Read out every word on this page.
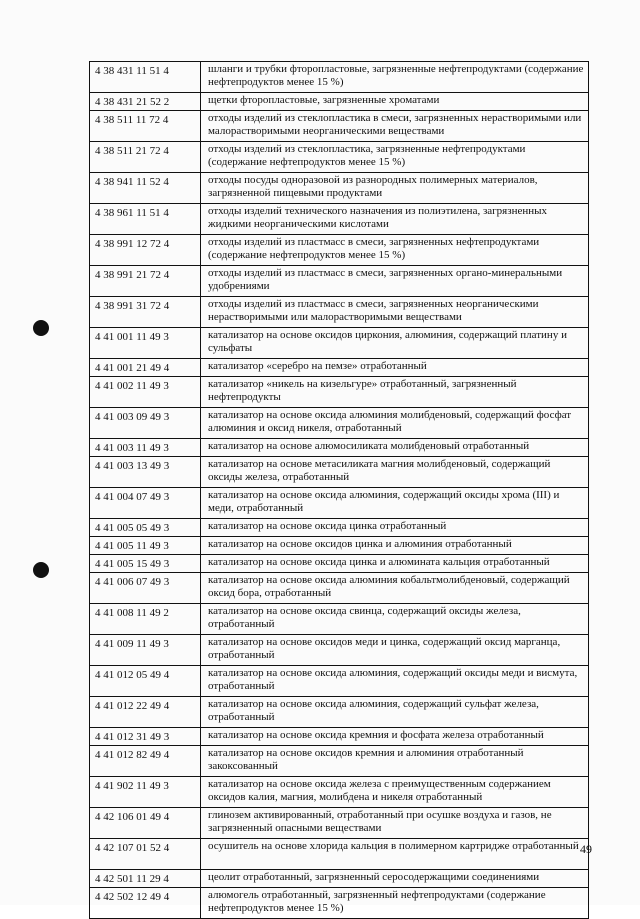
4 38 431 11 51 4	шланги и трубки фторопластовые, загрязненные нефтепродуктами (содержание нефтепродуктов менее 15 %)
4 38 431 21 52 2	щетки фторопластовые, загрязненные хроматами
4 38 511 11 72 4	отходы изделий из стеклопластика в смеси, загрязненных нерастворимыми или малорастворимыми неорганическими веществами
4 38 511 21 72 4	отходы изделий из стеклопластика, загрязненные нефтепродуктами (содержание нефтепродуктов менее 15 %)
4 38 941 11 52 4	отходы посуды одноразовой из разнородных полимерных материалов, загрязненной пищевыми продуктами
4 38 961 11 51 4	отходы изделий технического назначения из полиэтилена, загрязненных жидкими неорганическими кислотами
4 38 991 12 72 4	отходы изделий из пластмасс в смеси, загрязненных нефтепродуктами (содержание нефтепродуктов менее 15 %)
4 38 991 21 72 4	отходы изделий из пластмасс в смеси, загрязненных органо-минеральными удобрениями
4 38 991 31 72 4	отходы изделий из пластмасс в смеси, загрязненных неорганическими нерастворимыми или малорастворимыми веществами
4 41 001 11 49 3	катализатор на основе оксидов циркония, алюминия, содержащий платину и сульфаты
4 41 001 21 49 4	катализатор «серебро на пемзе» отработанный
4 41 002 11 49 3	катализатор «никель на кизельгуре» отработанный, загрязненный нефтепродукты
4 41 003 09 49 3	катализатор на основе оксида алюминия молибденовый, содержащий фосфат алюминия и оксид никеля, отработанный
4 41 003 11 49 3	катализатор на основе алюмосиликата молибденовый отработанный
4 41 003 13 49 3	катализатор на основе метасиликата магния молибденовый, содержащий оксиды железа, отработанный
4 41 004 07 49 3	катализатор на основе оксида алюминия, содержащий оксиды хрома (III) и меди, отработанный
4 41 005 05 49 3	катализатор на основе оксида цинка отработанный
4 41 005 11 49 3	катализатор на основе оксидов цинка и алюминия отработанный
4 41 005 15 49 3	катализатор на основе оксида цинка и алюмината кальция отработанный
4 41 006 07 49 3	катализатор на основе оксида алюминия кобальтмолибденовый, содержащий оксид бора, отработанный
4 41 008 11 49 2	катализатор на основе оксида свинца, содержащий оксиды железа, отработанный
4 41 009 11 49 3	катализатор на основе оксидов меди и цинка, содержащий оксид марганца, отработанный
4 41 012 05 49 4	катализатор на основе оксида алюминия, содержащий оксиды меди и висмута, отработанный
4 41 012 22 49 4	катализатор на основе оксида алюминия, содержащий сульфат железа, отработанный
4 41 012 31 49 3	катализатор на основе оксида кремния и фосфата железа отработанный
4 41 012 82 49 4	катализатор на основе оксидов кремния и алюминия отработанный закоксованный
4 41 902 11 49 3	катализатор на основе оксида железа с преимущественным содержанием оксидов калия, магния, молибдена и никеля отработанный
4 42 106 01 49 4	глинозем активированный, отработанный при осушке воздуха и газов, не загрязненный опасными веществами
4 42 107 01 52 4	осушитель на основе хлорида кальция в полимерном картридже отработанный
4 42 501 11 29 4	цеолит отработанный, загрязненный серосодержащими соединениями
4 42 502 12 49 4	алюмогель отработанный, загрязненный нефтепродуктами (содержание нефтепродуктов менее 15 %)
49
